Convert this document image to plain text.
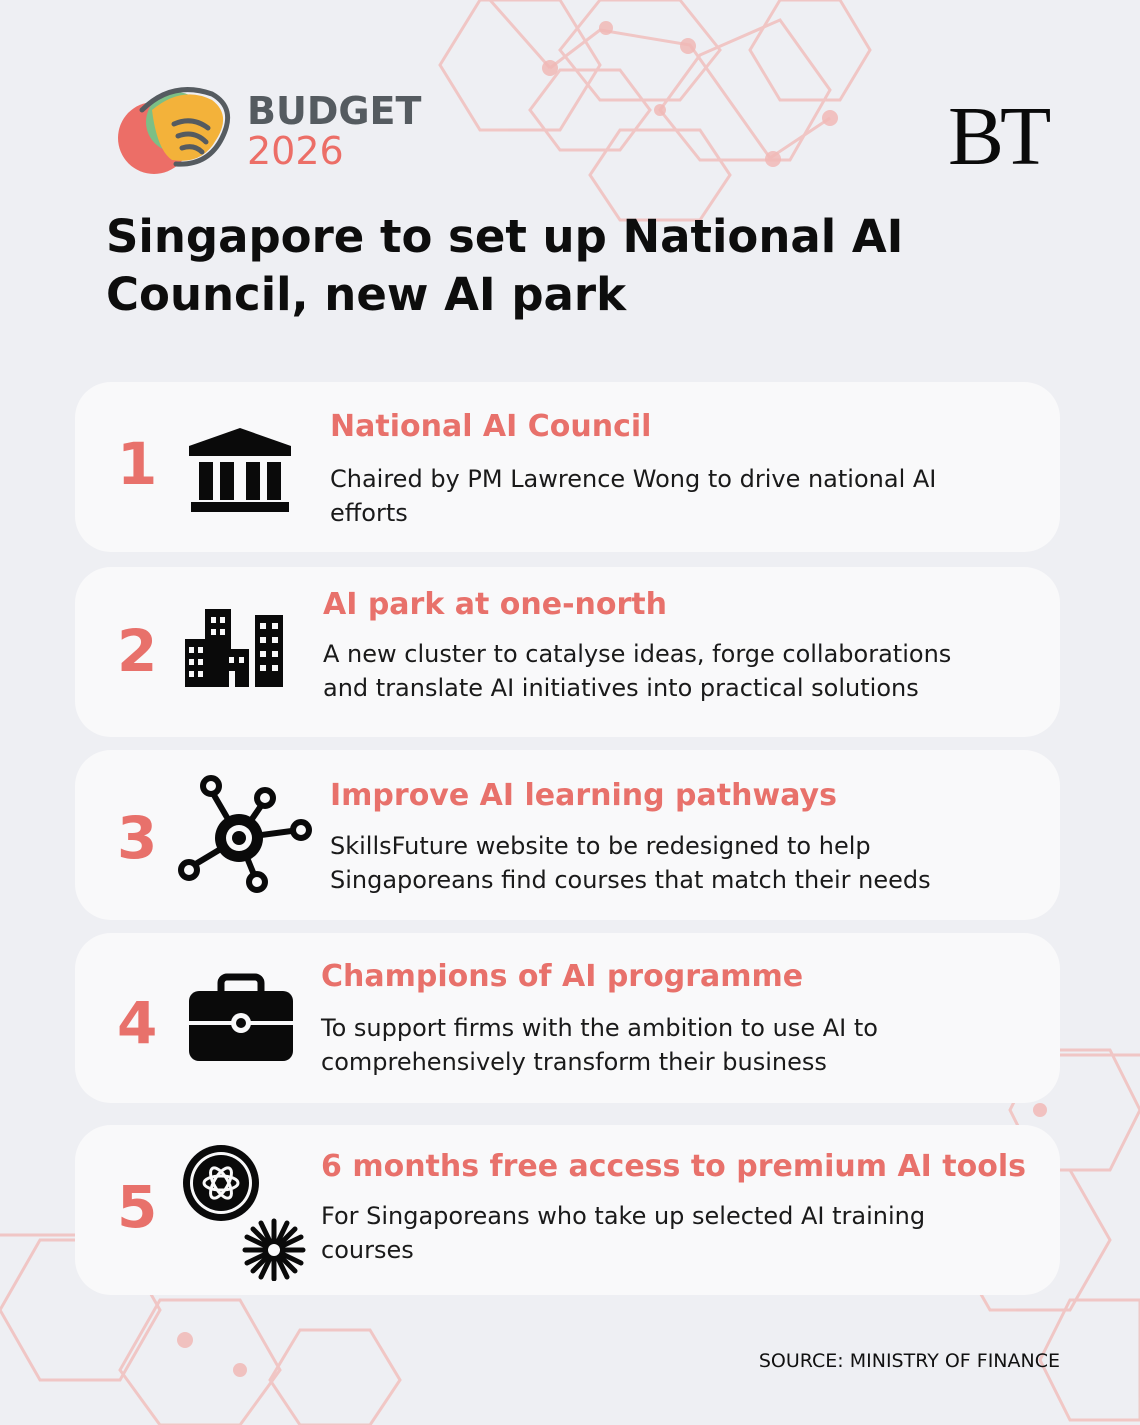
BUDGET
2026	BT
Singapore to set up National AI Council, new AI park
1
National AI Council
Chaired by PM Lawrence Wong to drive national AI efforts
2
AI park at one-north
A new cluster to catalyse ideas, forge collaborations and translate AI initiatives into practical solutions
3
Improve AI learning pathways
SkillsFuture website to be redesigned to help Singaporeans find courses that match their needs
4
Champions of AI programme
To support firms with the ambition to use AI to comprehensively transform their business
5
6 months free access to premium AI tools
For Singaporeans who take up selected AI training courses
SOURCE: MINISTRY OF FINANCE
